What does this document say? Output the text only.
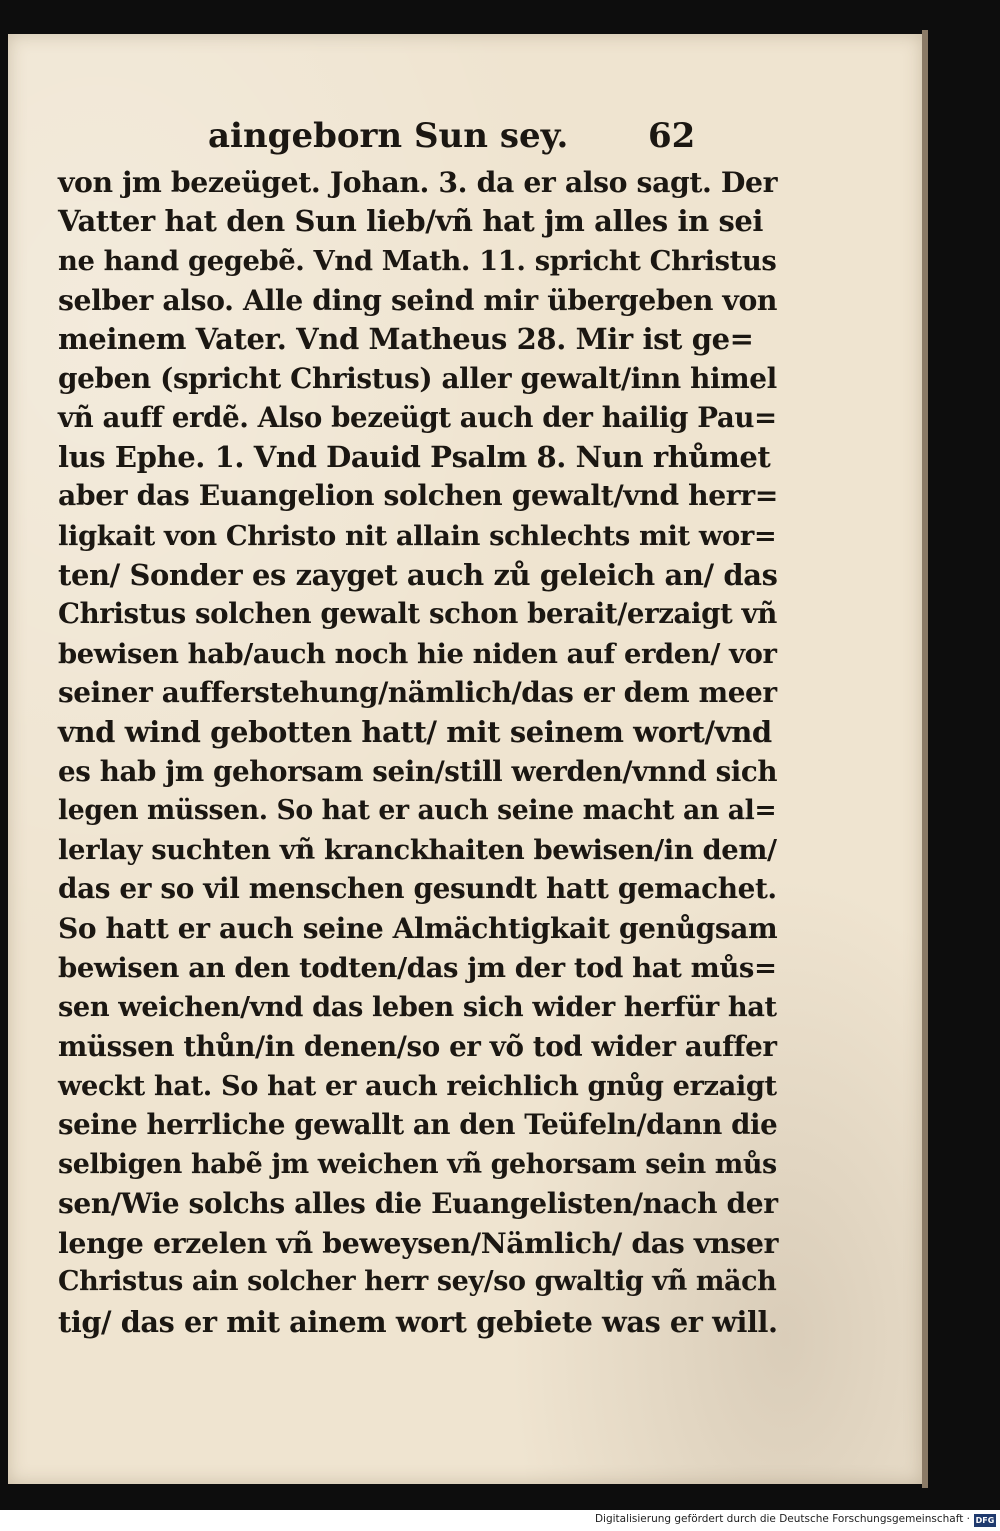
aingeborn Sun sey. 62
von jm bezeüget. Johan. 3. da er also sagt. Der
Vatter hat den Sun lieb/vñ hat jm alles in sei
ne hand gegebẽ. Vnd Math. 11. spricht Christus
selber also. Alle ding seind mir übergeben von
meinem Vater. Vnd Matheus 28. Mir ist ge=
geben (spricht Christus) aller gewalt/inn himel
vñ auff erdẽ. Also bezeügt auch der hailig Pau=
lus Ephe. 1. Vnd Dauid Psalm 8. Nun rhůmet
aber das Euangelion solchen gewalt/vnd herr=
ligkait von Christo nit allain schlechts mit wor=
ten/ Sonder es zayget auch zů geleich an/ das
Christus solchen gewalt schon berait/erzaigt vñ
bewisen hab/auch noch hie niden auf erden/ vor
seiner aufferstehung/nämlich/das er dem meer
vnd wind gebotten hatt/ mit seinem wort/vnd
es hab jm gehorsam sein/still werden/vnnd sich
legen müssen. So hat er auch seine macht an al=
lerlay suchten vñ kranckhaiten bewisen/in dem/
das er so vil menschen gesundt hatt gemachet.
So hatt er auch seine Almächtigkait genůgsam
bewisen an den todten/das jm der tod hat můs=
sen weichen/vnd das leben sich wider herfür hat
müssen thůn/in denen/so er võ tod wider auffer
weckt hat. So hat er auch reichlich gnůg erzaigt
seine herrliche gewallt an den Teüfeln/dann die
selbigen habẽ jm weichen vñ gehorsam sein můs
sen/Wie solchs alles die Euangelisten/nach der
lenge erzelen vñ beweysen/Nämlich/ das vnser
Christus ain solcher herr sey/so gwaltig vñ mäch
tig/ das er mit ainem wort gebiete was er will.
Digitalisierung gefördert durch die Deutsche Forschungsgemeinschaft · DFG
